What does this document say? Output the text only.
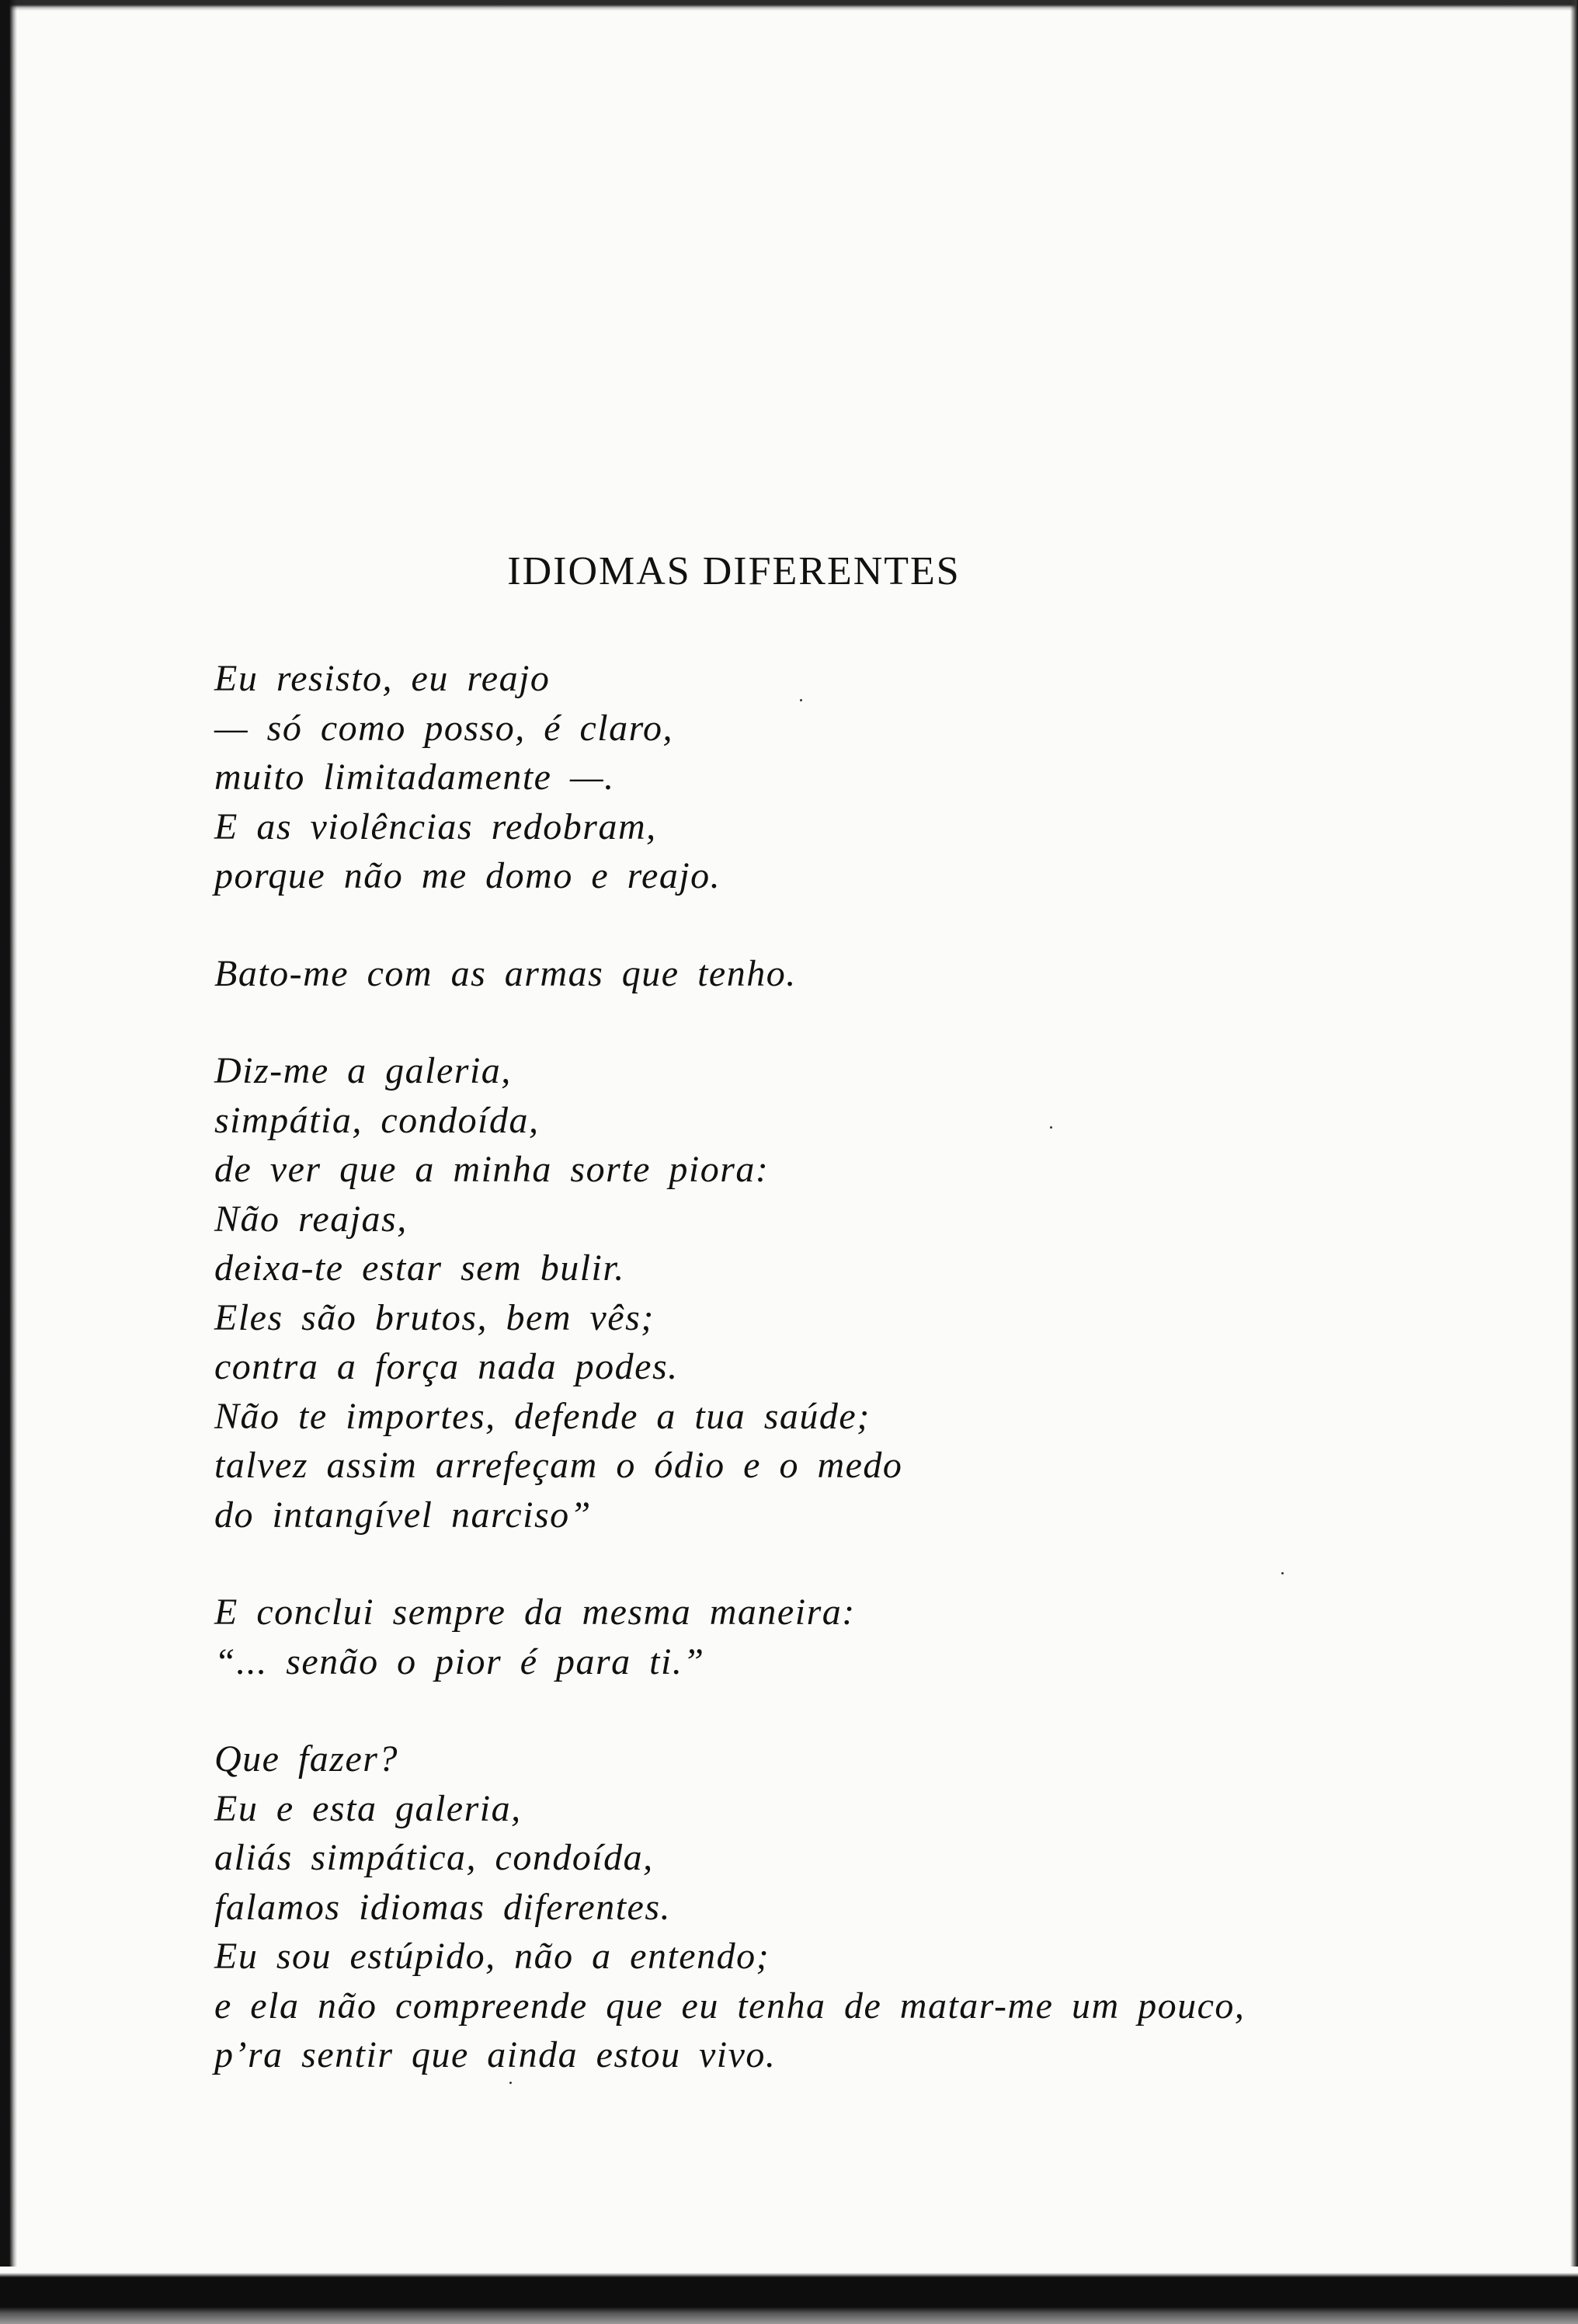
IDIOMAS DIFERENTES
Eu resisto, eu reajo
— só como posso, é claro,
muito limitadamente —.
E as violências redobram,
porque não me domo e reajo.
Bato-me com as armas que tenho.
Diz-me a galeria,
simpátia, condoída,
de ver que a minha sorte piora:
Não reajas,
deixa-te estar sem bulir.
Eles são brutos, bem vês;
contra a força nada podes.
Não te importes, defende a tua saúde;
talvez assim arrefeçam o ódio e o medo
do intangível narciso”
E conclui sempre da mesma maneira:
“... senão o pior é para ti.”
Que fazer?
Eu e esta galeria,
aliás simpática, condoída,
falamos idiomas diferentes.
Eu sou estúpido, não a entendo;
e ela não compreende que eu tenha de matar-me um pouco,
p’ra sentir que ainda estou vivo.
